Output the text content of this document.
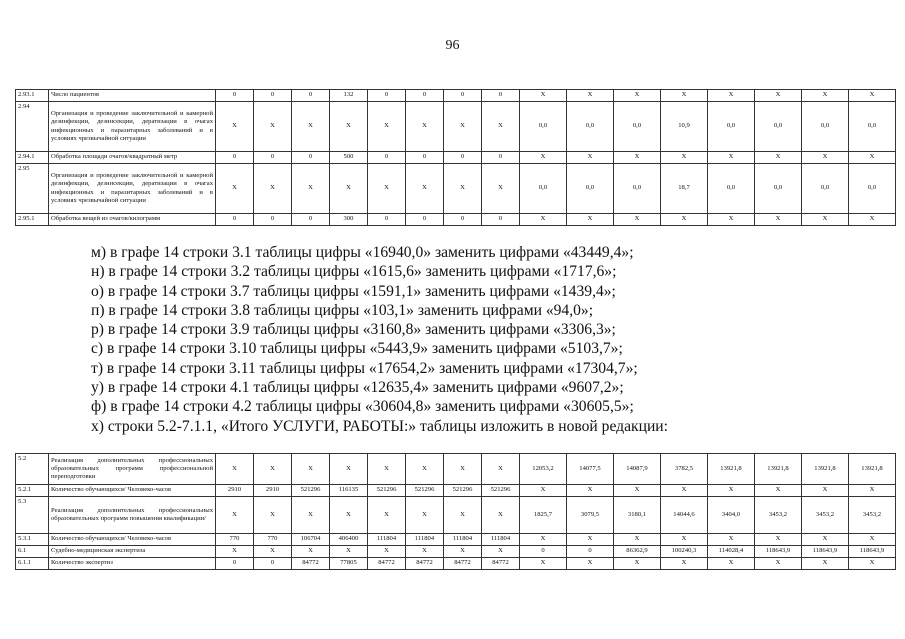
96
2.93.1	Число пациентов	0	0	0	132	0	0	0	0	X	X	X	X	X	X	X	X
2.94	Организация и проведение заключительной и камерной дезинфекции, дезинсекции, дератизации в очагах инфекционных и паразитарных заболеваний и в условиях чрезвычайной ситуации	X	X	X	X	X	X	X	X	0,0	0,0	0,0	10,9	0,0	0,0	0,0	0,0
2.94.1	Обработка площади очагов/квадратный метр	0	0	0	500	0	0	0	0	X	X	X	X	X	X	X	X
2.95	Организация и проведение заключительной и камерной дезинфекции, дезинсекции, дератизации в очагах инфекционных и паразитарных заболеваний и в условиях чрезвычайной ситуации	X	X	X	X	X	X	X	X	0,0	0,0	0,0	18,7	0,0	0,0	0,0	0,0
2.95.1	Обработка вещей из очагов/килограмм	0	0	0	300	0	0	0	0	X	X	X	X	X	X	X	X
м) в графе 14 строки 3.1 таблицы цифры «16940,0» заменить цифрами «43449,4»;
н) в графе 14 строки 3.2 таблицы цифры «1615,6» заменить цифрами «1717,6»;
о) в графе 14 строки 3.7 таблицы цифры «1591,1» заменить цифрами «1439,4»;
п) в графе 14 строки 3.8 таблицы цифры «103,1» заменить цифрами «94,0»;
р) в графе 14 строки 3.9 таблицы цифры «3160,8» заменить цифрами «3306,3»;
с) в графе 14 строки 3.10 таблицы цифры «5443,9» заменить цифрами «5103,7»;
т) в графе 14 строки 3.11 таблицы цифры «17654,2» заменить цифрами «17304,7»;
у) в графе 14 строки 4.1 таблицы цифры «12635,4» заменить цифрами «9607,2»;
ф) в графе 14 строки 4.2 таблицы цифры «30604,8» заменить цифрами «30605,5»;
х) строки 5.2-7.1.1, «Итого УСЛУГИ, РАБОТЫ:» таблицы изложить в новой редакции:
5.2	Реализация дополнительных профессиональных образовательных программ профессиональной переподготовки	X	X	X	X	X	X	X	X	12053,2	14077,5	14087,9	3782,5	13921,8	13921,8	13921,8	13921,8
5.2.1	Количество обучающихся/ Человеко-часов	2910	2910	521296	116135	521296	521296	521296	521296	X	X	X	X	X	X	X	X
5.3	Реализация дополнительных профессиональных образовательных программ повышения квалификации/	X	X	X	X	X	X	X	X	1825,7	3079,5	3180,1	14044,6	3404,0	3453,2	3453,2	3453,2
5.3.1	Количество обучающихся/ Человеко-часов	770	770	106704	406400	111804	111804	111804	111804	X	X	X	X	X	X	X	X
6.1	Судебно-медицинская экспертиза	X	X	X	X	X	X	X	X	0	0	86362,9	100240,3	114028,4	118643,9	118643,9	118643,9
6.1.1	Количество экспертиз	0	0	84772	77805	84772	84772	84772	84772	X	X	X	X	X	X	X	X
